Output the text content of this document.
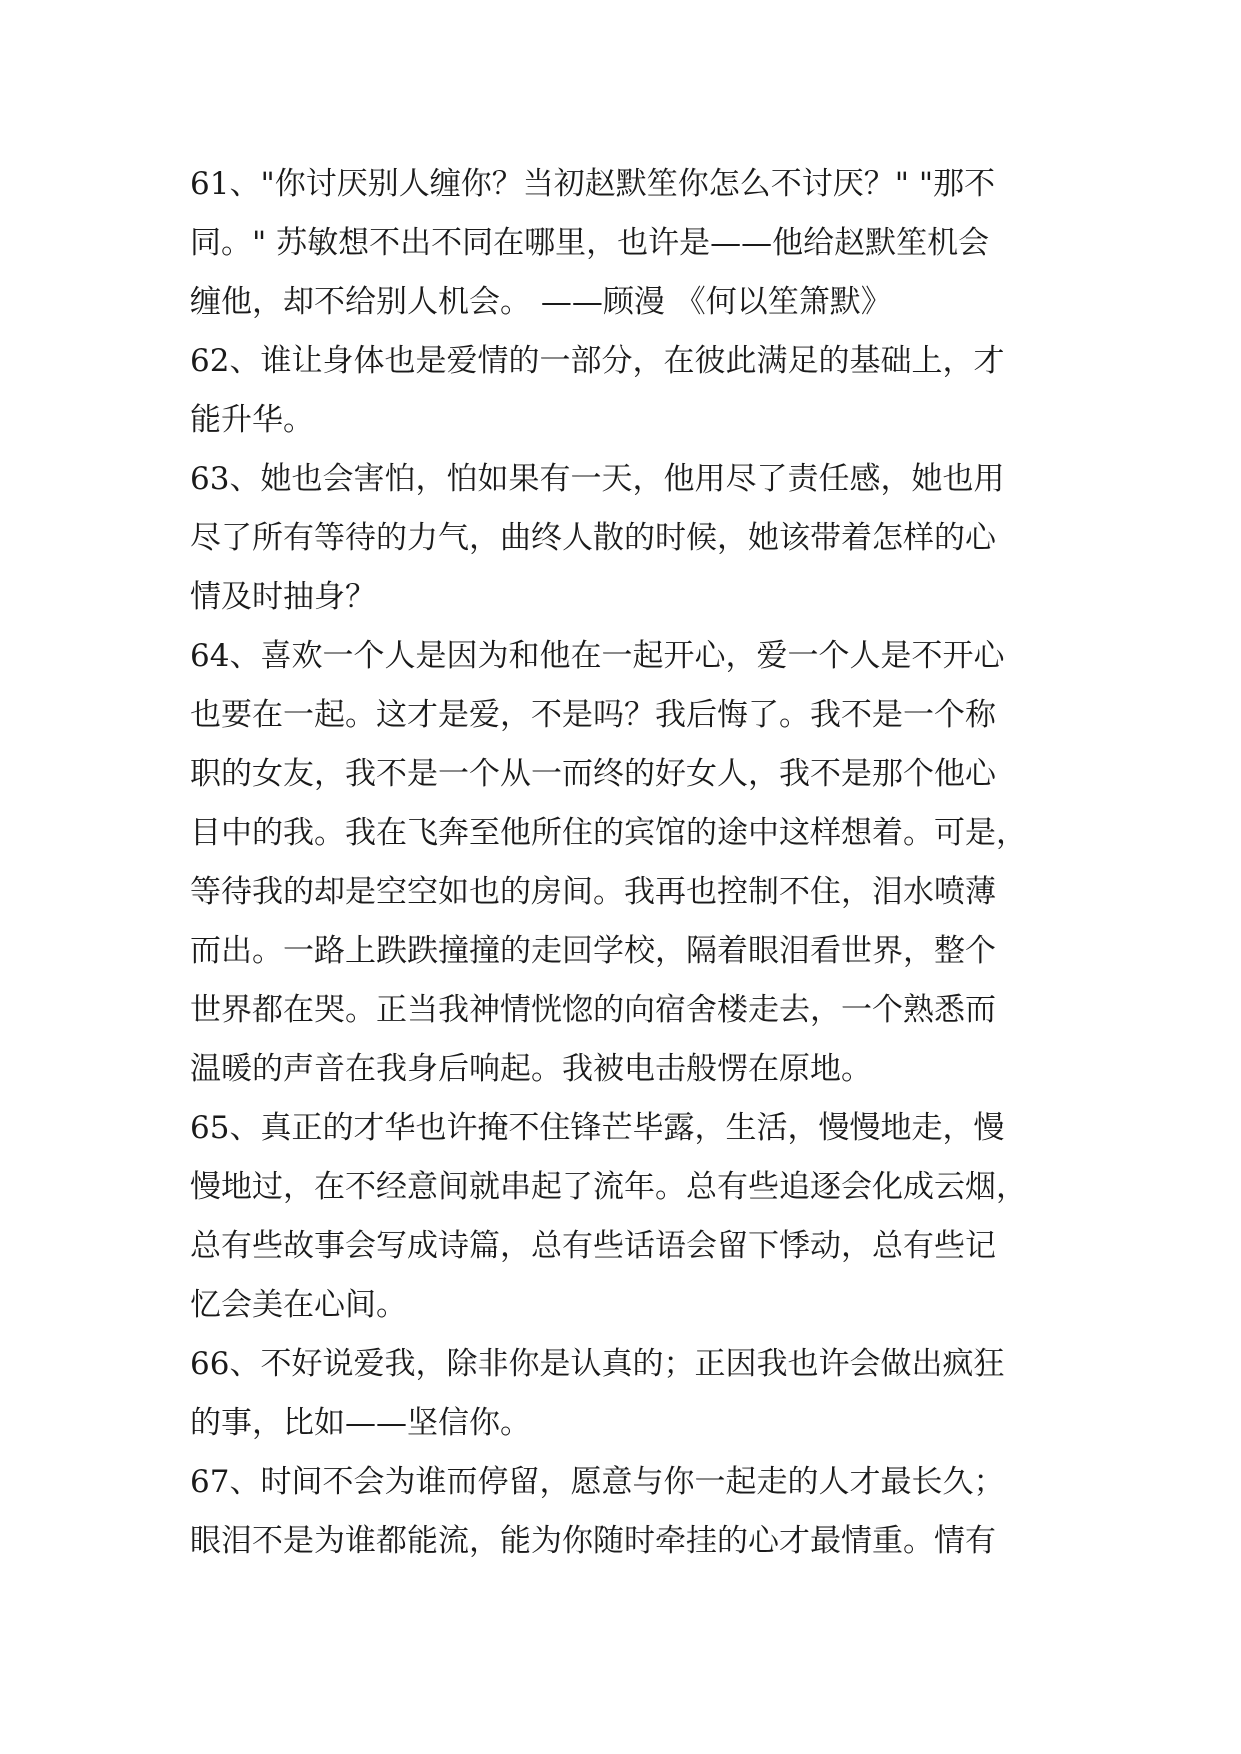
61、"你讨厌别人缠你？当初赵默笙你怎么不讨厌？" "那不
同。" 苏敏想不出不同在哪里，也许是——他给赵默笙机会
缠他，却不给别人机会。 ——顾漫 《何以笙箫默》
62、谁让身体也是爱情的一部分，在彼此满足的基础上，才
能升华。
63、她也会害怕，怕如果有一天，他用尽了责任感，她也用
尽了所有等待的力气，曲终人散的时候，她该带着怎样的心
情及时抽身？
64、喜欢一个人是因为和他在一起开心，爱一个人是不开心
也要在一起。这才是爱，不是吗？我后悔了。我不是一个称
职的女友，我不是一个从一而终的好女人，我不是那个他心
目中的我。我在飞奔至他所住的宾馆的途中这样想着。可是，
等待我的却是空空如也的房间。我再也控制不住，泪水喷薄
而出。一路上跌跌撞撞的走回学校，隔着眼泪看世界，整个
世界都在哭。正当我神情恍惚的向宿舍楼走去，一个熟悉而
温暖的声音在我身后响起。我被电击般愣在原地。
65、真正的才华也许掩不住锋芒毕露，生活，慢慢地走，慢
慢地过，在不经意间就串起了流年。总有些追逐会化成云烟，
总有些故事会写成诗篇，总有些话语会留下悸动，总有些记
忆会美在心间。
66、不好说爱我，除非你是认真的；正因我也许会做出疯狂
的事，比如——坚信你。
67、时间不会为谁而停留，愿意与你一起走的人才最长久；
眼泪不是为谁都能流，能为你随时牵挂的心才最情重。情有
